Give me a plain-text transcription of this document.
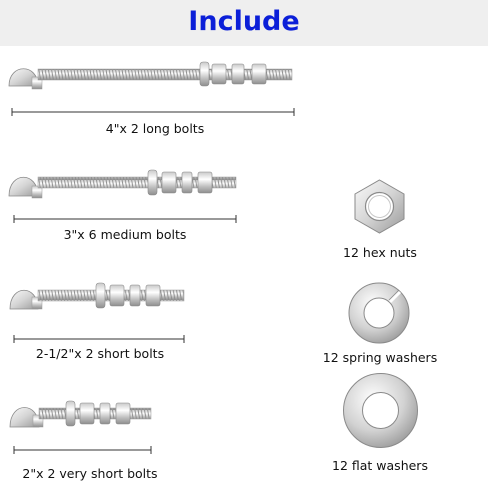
Include
4"x 2 long bolts
3"x 6 medium bolts
2-1/2"x 2 short bolts
2"x 2 very short bolts
12 hex nuts
12 spring washers
12 flat washers
